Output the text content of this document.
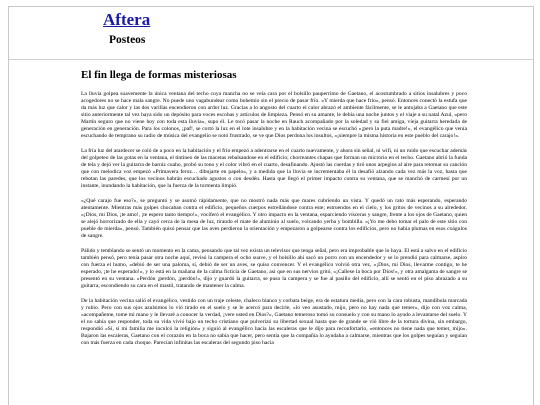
Aftera
Posteos
El fin llega de formas misteriosas

La lluvia golpea suavemente la única ventana del techo cuya mancha no se veía cara por el bolsillo pauperrimo de Gaetano, el acostumbrado a sitios insalubres y poco acogedores no se hace mala sangre. No puede uno vagabundear como bohemio sin el precio de pasar frío. «Y mierda que hace frío», pensó. Entonces conectó la estufa que da más luz que calor y las dos varillas encendieron con ardor luz. Gracias a lo angosto del cuarto el calor abrazó el ambiente fácilmente, se le antojaba a Gaetano que este sitio anteriormente tal vez haya sido un depósito para voces escobas y artículos de limpieza. Pensó en su amante, le debía una noche juntos y el viaje a su natal Azul, «pero Martín seguro que no viene hoy con toda esta lluvia», supo él. Le tocó pasar la noche en Rauch acompañado por la soledad y su fiel amiga, vieja guitarra heredada de generación en generación. Para los colonos, ¡paf!, se cortó la luz en el lote insalubre y en la habitación vecina se escuchó «¡pero la puta madre!», el evangélico que venía escuchando de temprano su radio de música del evangelio se notó frustrado, se ve que Dios perdona los insultos, «¡siempre la misma historia en este pueblo del carajo!».

La fría luz del atardecer se coló de a poco en la habitación y el frío empezó a adentrarse en el cuarto nuevamente, y ahora sin señal, ni wifi, ni un ruido que escuchar además del golpeteo de las gotas en la ventana, el tintineo de las macetas rebalsandose en el edificio; chorreantes chapas que forman un microrio en el techo. Gaetano abrió la funda de tela y dejó ver la guitarra de barniz cuaho, probó su tono y el color vibró en el cuarto, desafinando. Ajustó las cuerdas y tiró unos arpegios al aire para retomar su canción que con melodica voz empezó «Primavera feroz… dibujarte en papelo», y a medida que la lluvia se incrementaba él la desafió alzando cada vez más la voz, hasta que rebotan las paredes, que los vecinos habrán escuchado agustos o con desdén. Hasta que llegó el primer impacto contra su ventana, que se manchó de carmesí por un instante, inundando la habitación, que la fuerza de la tormenta limpió.

«¿Qué carajo fue eso?», se preguntó y se asomó rápidamente, que no mostró nada más que mares cubriendo un vista. Y quedó un rato más esperando, esperando atentamente. Mientras más golpes chocaban contra el edificio, pequeños cuerpos estrellándose contra este; estruendos en el cielo, y los gritos de vecinos a su alrededor. «¡Dios, mi Dios, ¡te amo!, ¡te espero tanto tiempo!», vociferó el evangélico. Y otro impacto en la ventana, esparciendo vísceras y sangre, frente a los ojos de Gaetano, quien se alejó horrorizado de ella y cayó cerca de la mesa de luz, tirando el mate de aluminio al suelo, volcando yerba y bombilla. «¡Yo me debo tomar el palo de este sitio con pueble de mierda», pensó. También quisó pensar que las aves perdieron la orientación y empezaron a golpearse contra los edificios, pero no había plumas en esos coágulos de sangre.

Pálido y temblando se sentó un momento en la cama, pensando que tal vez exista un televisor que tenga señal, pero era improbable que lo haya. El está a salvo en el edificio también pensó, pero tenía pasar otra noche aquí, revisó la campera el ocho suave, y el bolsillo ahí sacó un porro con un encendedor y se lo prendió para calmarse, aspiro con fuerza el humo, «debió de ser una paloma, sí, debió de ser un aves, se quiso convencer. Y el evangélico volvió otra vez, «¡Dios, mi Dios, llevarme contigo, te he esperado, ¡te he esperado!», y lo está en la mañana de la calma ficticia de Gaetano, así que en sus nervios gritó, «¡Callese la boca por Dios!», y otra amalgama de sangre se presentó en su ventana. «Perdón ¡perdón, ¡perdón!», dijo y guardó la guitarra, se puso la campera y se fue al pasillo del edificio, allí se sentó en el piso abrazado a su guitarra, escondiendo su cara en el mastil, tratando de mantener la calma.

De la habitación vecina salió el evangélico, vestido con un traje celeste, chaleco blanco y corbata beige, era de estatura media, pero con la cara robusta, mandíbula marcada y rubio. Pero con sus ojos azulsimos lo vió tirado en el suelo y se le acercó para decirle, «lo veo asustado, mijo, pero no hay nada que temer», dijo con voz calma, «acompañeme, tome mi mano y le llevaré a conocer la verdad, ¡vere usted en Dios?», Gaetano temeroso tomó su consuelo y con su mano lo ayudo a levantarse del suelo. Y el no sabía que responder, toda su vida vivió bajo un techo cristiano que pulverizó su libertad sexual hasta que de grande se vió libre de la tortura divina, sin embargo, respondió «Sí, si mi familia me inculcó la religión» y siguió al evangélico hacia las escaleras que le dijo para reconfortarlo, «entonces no tiene nada que temer, mijo». Bajaron las escaleras, Gaetano con el corazón en la boca no sabía que hacer, pero sentía que la compañía lo ayudaba a calmarse, mientras que los golpes seguían y seguían con más fuerza en cada choque. Parecían infinitas las escaleras del segundo piso hacia
